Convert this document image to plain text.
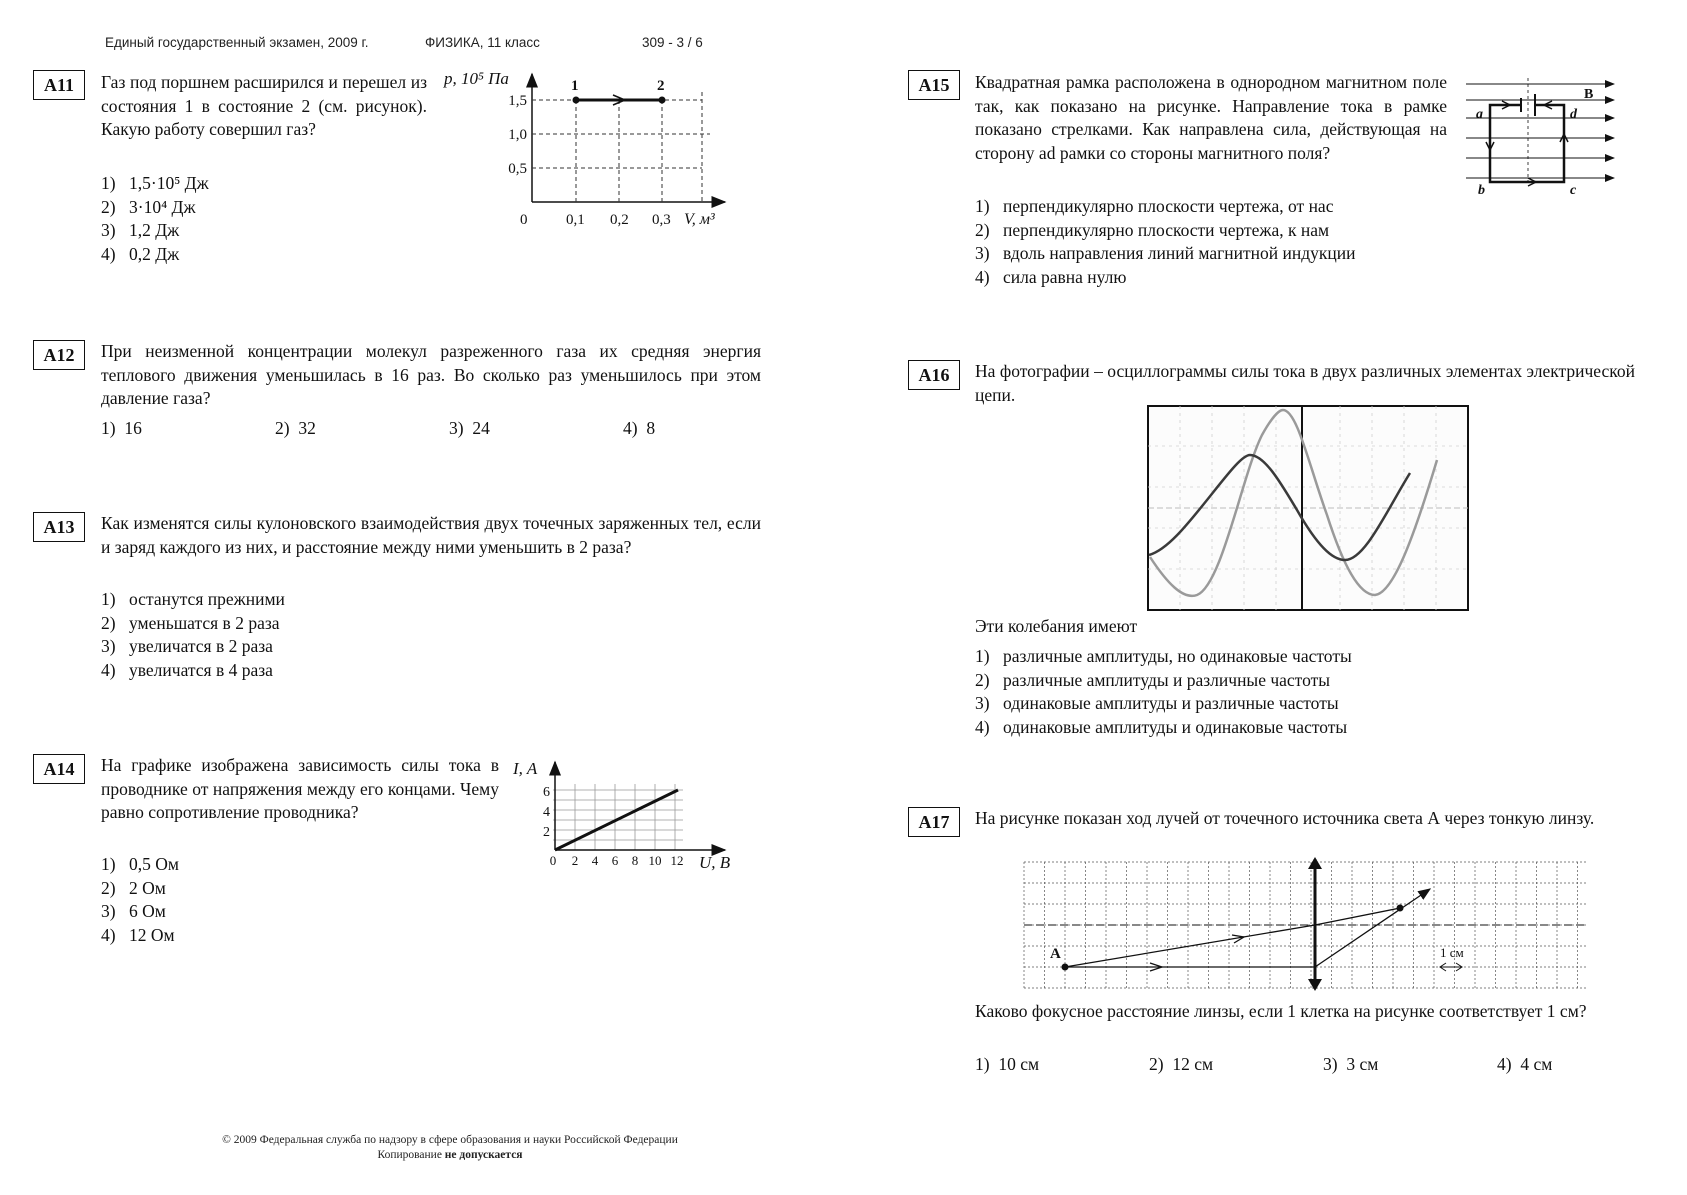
Единый государственный экзамен, 2009 г.	ФИЗИКА, 11 класс	309 - 3 / 6
А11	Газ под поршнем расширился и перешел из состояния 1 в состояние 2 (см. рисунок). Какую работу совершил газ?
1) 1,5·10⁵ Дж
2) 3·10⁴ Дж
3) 1,2 Дж
4) 0,2 Дж
p, 10⁵ Па
1,5
1,0
0,5
0	0,1 0,2 0,3 V, м³
1	2
А12	При неизменной концентрации молекул разреженного газа их средняя энергия теплового движения уменьшилась в 16 раз. Во сколько раз уменьшилось при этом давление газа?
1)  16	2)  32	3)  24	4)  8
А13	Как изменятся силы кулоновского взаимодействия двух точечных заряженных тел, если и заряд каждого из них, и расстояние между ними уменьшить в 2 раза?
1) останутся прежними
2) уменьшатся в 2 раза
3) увеличатся в 2 раза
4) увеличатся в 4 раза
А14	На графике изображена зависимость силы тока в проводнике от напряжения между его концами. Чему равно сопротивление проводника?
1) 0,5 Ом
2) 2 Ом
3) 6 Ом
4) 12 Ом
I, A
6
4
2
0 2 4 6 8 10 12 U, B
А15	Квадратная рамка расположена в однородном магнитном поле так, как показано на рисунке. Направление тока в рамке показано стрелками. Как направлена сила, действующая на сторону ad рамки со стороны магнитного поля?
1) перпендикулярно плоскости чертежа, от нас
2) перпендикулярно плоскости чертежа, к нам
3) вдоль направления линий магнитной индукции
4) сила равна нулю
B
a	d
b	c
А16	На фотографии – осциллограммы силы тока в двух различных элементах электрической цепи.
Эти колебания имеют
1) различные амплитуды, но одинаковые частоты
2) различные амплитуды и различные частоты
3) одинаковые амплитуды и различные частоты
4) одинаковые амплитуды и одинаковые частоты
А17	На рисунке показан ход лучей от точечного источника света А через тонкую линзу.
A	1 см
Каково фокусное расстояние линзы, если 1 клетка на рисунке соответствует 1 см?
1)  10 см	2)  12 см	3)  3 см	4)  4 см
© 2009 Федеральная служба по надзору в сфере образования и науки Российской Федерации
Копирование не допускается
